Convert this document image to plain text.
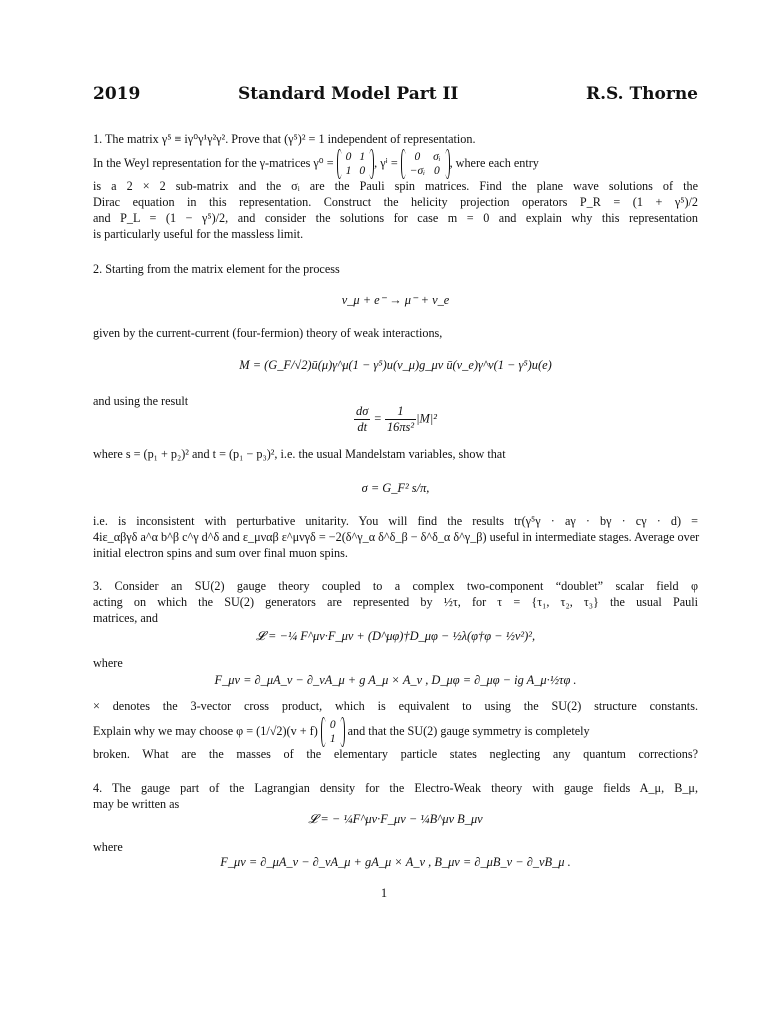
2019	Standard Model Part II	R.S. Thorne
1. The matrix γ⁵ ≡ iγ⁰γ¹γ²γ². Prove that (γ⁵)² = 1 independent of representation.
In the Weyl representation for the γ-matrices γ⁰ = 0	1
1	0
, γⁱ = 0	σᵢ
−σᵢ	0
, where each entry
is a 2 × 2 sub-matrix and the σᵢ are the Pauli spin matrices. Find the plane wave solutions of the
Dirac equation in this representation. Construct the helicity projection operators P_R = (1 + γ⁵)/2
and P_L = (1 − γ⁵)/2, and consider the solutions for case m = 0 and explain why this representation
is particularly useful for the massless limit.
2. Starting from the matrix element for the process
ν_μ + e⁻ → μ⁻ + ν_e
given by the current-current (four-fermion) theory of weak interactions,
M = (G_F/√2)ū(μ)γ^μ(1 − γ⁵)u(ν_μ)g_μν ū(ν_e)γ^ν(1 − γ⁵)u(e)
and using the result
$\frac{d\sigma}{dt} = \frac{1}{\text{16πs²}} |M|^2$
where s = (p₁ + p₂)² and t = (p₁ − p₃)², i.e. the usual Mandelstam variables, show that
σ = G_F² s/π,
i.e. is inconsistent with perturbative unitarity. You will find the results tr(γ⁵γ · aγ · bγ · cγ · d) =
4iε_αβγδ a^α b^β c^γ d^δ and ε_μναβ ε^μνγδ = −2(δ^γ_α δ^δ_β − δ^δ_α δ^γ_β) useful in intermediate stages. Average over
initial electron spins and sum over final muon spins.
3. Consider an SU(2) gauge theory coupled to a complex two-component “doublet” scalar field φ
acting on which the SU(2) generators are represented by ½τ, for τ = {τ₁, τ₂, τ₃} the usual Pauli
matrices, and
𝓛 = −¼ F^μν·F_μν + (D^μφ)†D_μφ − ½λ(φ†φ − ½v²)²,
where
F_μν = ∂_μA_ν − ∂_νA_μ + g A_μ × A_ν , D_μφ = ∂_μφ − ig A_μ·½τφ .
× denotes the 3-vector cross product, which is equivalent to using the SU(2) structure constants.
Explain why we may choose φ = (1/√2)(v + f) 0
1
and that the SU(2) gauge symmetry is completely
broken. What are the masses of the elementary particle states neglecting any quantum corrections?
4. The gauge part of the Lagrangian density for the Electro-Weak theory with gauge fields A_μ, B_μ,
may be written as
𝓛 = − ¼F^μν·F_μν − ¼B^μν B_μν
where
F_μν = ∂_μA_ν − ∂_νA_μ + gA_μ × A_ν , B_μν = ∂_μB_ν − ∂_νB_μ .
1
